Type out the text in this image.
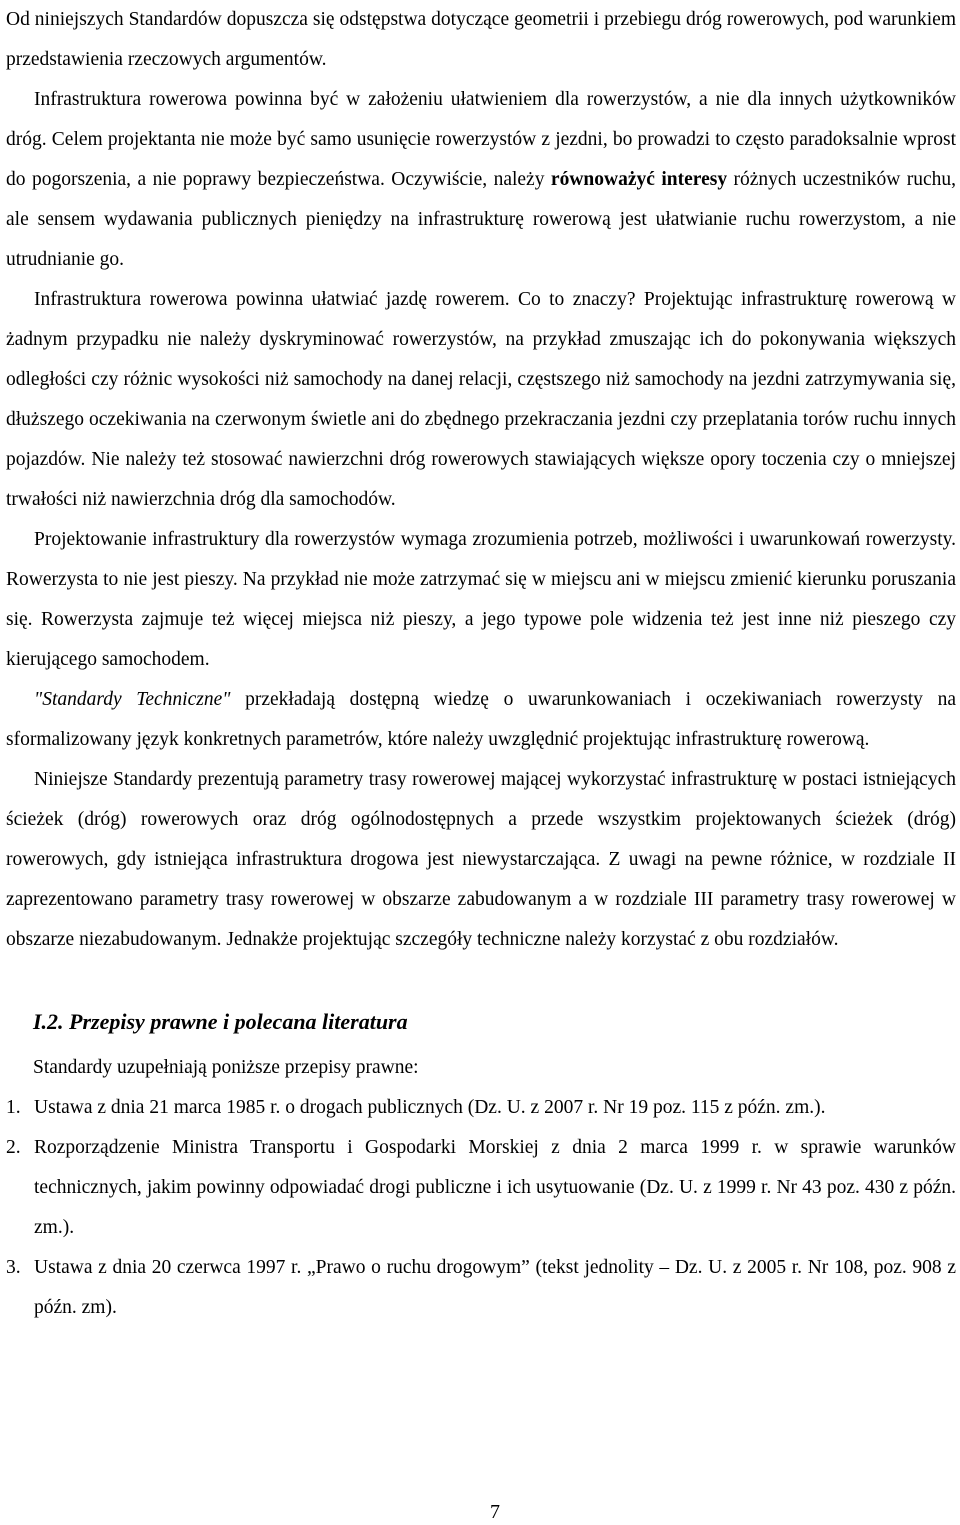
Od niniejszych Standardów dopuszcza się odstępstwa dotyczące geometrii i przebiegu dróg rowerowych, pod warunkiem przedstawienia rzeczowych argumentów.

Infrastruktura rowerowa powinna być w założeniu ułatwieniem dla rowerzystów, a nie dla innych użytkowników dróg. Celem projektanta nie może być samo usunięcie rowerzystów z jezdni, bo prowadzi to często paradoksalnie wprost do pogorszenia, a nie poprawy bezpieczeństwa. Oczywiście, należy równoważyć interesy różnych uczestników ruchu, ale sensem wydawania publicznych pieniędzy na infrastrukturę rowerową jest ułatwianie ruchu rowerzystom, a nie utrudnianie go.

Infrastruktura rowerowa powinna ułatwiać jazdę rowerem. Co to znaczy? Projektując infrastrukturę rowerową w żadnym przypadku nie należy dyskryminować rowerzystów, na przykład zmuszając ich do pokonywania większych odległości czy różnic wysokości niż samochody na danej relacji, częstszego niż samochody na jezdni zatrzymywania się, dłuższego oczekiwania na czerwonym świetle ani do zbędnego przekraczania jezdni czy przeplatania torów ruchu innych pojazdów. Nie należy też stosować nawierzchni dróg rowerowych stawiających większe opory toczenia czy o mniejszej trwałości niż nawierzchnia dróg dla samochodów.

Projektowanie infrastruktury dla rowerzystów wymaga zrozumienia potrzeb, możliwości i uwarunkowań rowerzysty. Rowerzysta to nie jest pieszy. Na przykład nie może zatrzymać się w miejscu ani w miejscu zmienić kierunku poruszania się. Rowerzysta zajmuje też więcej miejsca niż pieszy, a jego typowe pole widzenia też jest inne niż pieszego czy kierującego samochodem.

"Standardy Techniczne" przekładają dostępną wiedzę o uwarunkowaniach i oczekiwaniach rowerzysty na sformalizowany język konkretnych parametrów, które należy uwzględnić projektując infrastrukturę rowerową.

Niniejsze Standardy prezentują parametry trasy rowerowej mającej wykorzystać infrastrukturę w postaci istniejących ścieżek (dróg) rowerowych oraz dróg ogólnodostępnych a przede wszystkim projektowanych ścieżek (dróg) rowerowych, gdy istniejąca infrastruktura drogowa jest niewystarczająca. Z uwagi na pewne różnice, w rozdziale II zaprezentowano parametry trasy rowerowej w obszarze zabudowanym a w rozdziale III parametry trasy rowerowej w obszarze niezabudowanym. Jednakże projektując szczegóły techniczne należy korzystać z obu rozdziałów.

I.2. Przepisy prawne i polecana literatura
Standardy uzupełniają poniższe przepisy prawne:
1. Ustawa z dnia 21 marca 1985 r. o drogach publicznych (Dz. U. z 2007 r. Nr 19 poz. 115 z późn. zm.).
2. Rozporządzenie Ministra Transportu i Gospodarki Morskiej z dnia 2 marca 1999 r. w sprawie warunków technicznych, jakim powinny odpowiadać drogi publiczne i ich usytuowanie (Dz. U. z 1999 r. Nr 43 poz. 430 z późn. zm.).
3. Ustawa z dnia 20 czerwca 1997 r. „Prawo o ruchu drogowym” (tekst jednolity – Dz. U. z 2005 r. Nr 108, poz. 908 z późn. zm).
7
